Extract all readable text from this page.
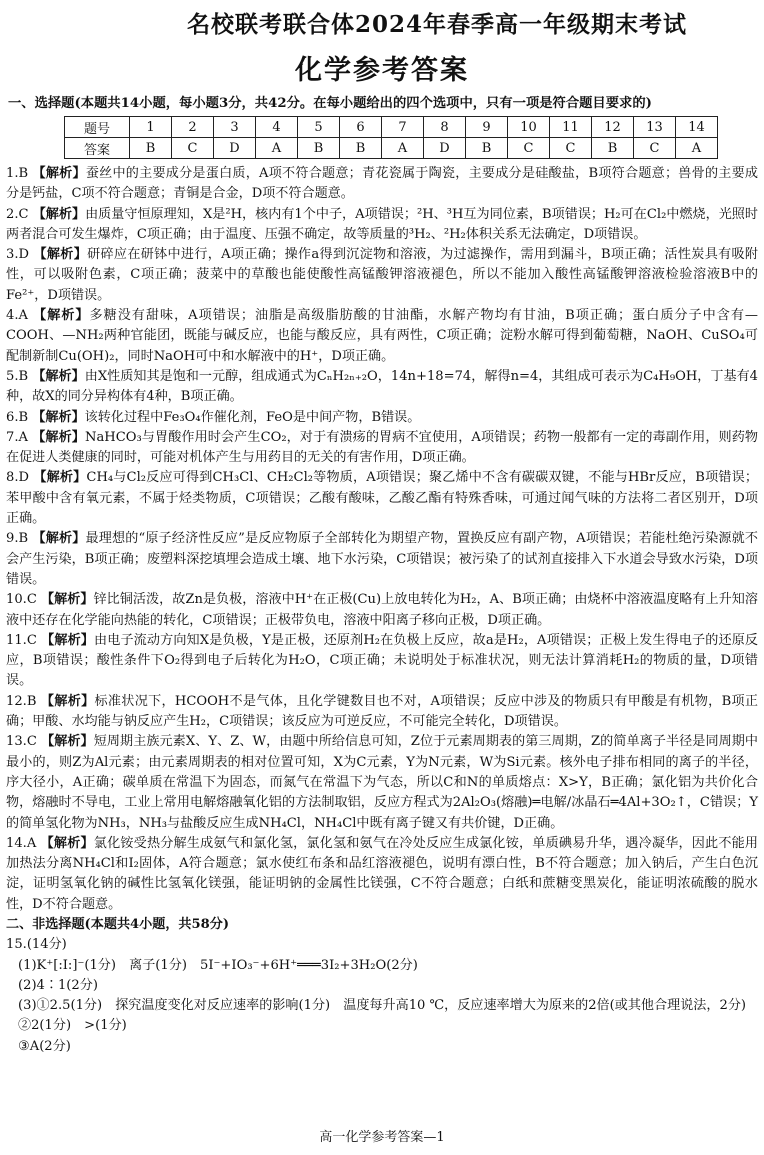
名校联考联合体2024年春季高一年级期末考试
化学参考答案
一、选择题(本题共14小题，每小题3分，共42分。在每小题给出的四个选项中，只有一项是符合题目要求的)
题号	1	2	3	4	5	6	7	8	9	10	11	12	13	14
答案	B	C	D	A	B	B	A	D	B	C	C	B	C	A
1.B 【解析】蚕丝中的主要成分是蛋白质，A项不符合题意；青花瓷属于陶瓷，主要成分是硅酸盐，B项符合题意；兽骨的主要成分是钙盐，C项不符合题意；青铜是合金，D项不符合题意。
2.C 【解析】由质量守恒原理知，X是²H，核内有1个中子，A项错误；²H、³H互为同位素，B项错误；H₂可在Cl₂中燃烧，光照时两者混合可发生爆炸，C项正确；由于温度、压强不确定，故等质量的³H₂、²H₂体积关系无法确定，D项错误。
3.D 【解析】研碎应在研钵中进行，A项正确；操作a得到沉淀物和溶液，为过滤操作，需用到漏斗，B项正确；活性炭具有吸附性，可以吸附色素，C项正确；菠菜中的草酸也能使酸性高锰酸钾溶液褪色，所以不能加入酸性高锰酸钾溶液检验溶液B中的Fe²⁺，D项错误。
4.A 【解析】多糖没有甜味，A项错误；油脂是高级脂肪酸的甘油酯，水解产物均有甘油，B项正确；蛋白质分子中含有—COOH、—NH₂两种官能团，既能与碱反应，也能与酸反应，具有两性，C项正确；淀粉水解可得到葡萄糖，NaOH、CuSO₄可配制新制Cu(OH)₂，同时NaOH可中和水解液中的H⁺，D项正确。
5.B 【解析】由X性质知其是饱和一元醇，组成通式为CₙH₂ₙ₊₂O，14n+18=74，解得n=4，其组成可表示为C₄H₉OH，丁基有4种，故X的同分异构体有4种，B项正确。
6.B 【解析】该转化过程中Fe₃O₄作催化剂，FeO是中间产物，B错误。
7.A 【解析】NaHCO₃与胃酸作用时会产生CO₂，对于有溃疡的胃病不宜使用，A项错误；药物一般都有一定的毒副作用，则药物在促进人类健康的同时，可能对机体产生与用药目的无关的有害作用，D项正确。
8.D 【解析】CH₄与Cl₂反应可得到CH₃Cl、CH₂Cl₂等物质，A项错误；聚乙烯中不含有碳碳双键，不能与HBr反应，B项错误；苯甲酸中含有氧元素，不属于烃类物质，C项错误；乙酸有酸味，乙酸乙酯有特殊香味，可通过闻气味的方法将二者区别开，D项正确。
9.B 【解析】最理想的“原子经济性反应”是反应物原子全部转化为期望产物，置换反应有副产物，A项错误；若能杜绝污染源就不会产生污染，B项正确；废塑料深挖填埋会造成土壤、地下水污染，C项错误；被污染了的试剂直接排入下水道会导致水污染，D项错误。
10.C 【解析】锌比铜活泼，故Zn是负极，溶液中H⁺在正极(Cu)上放电转化为H₂，A、B项正确；由烧杯中溶液温度略有上升知溶液中还存在化学能向热能的转化，C项错误；正极带负电，溶液中阳离子移向正极，D项正确。
11.C 【解析】由电子流动方向知X是负极，Y是正极，还原剂H₂在负极上反应，故a是H₂，A项错误；正极上发生得电子的还原反应，B项错误；酸性条件下O₂得到电子后转化为H₂O，C项正确；未说明处于标准状况，则无法计算消耗H₂的物质的量，D项错误。
12.B 【解析】标准状况下，HCOOH不是气体，且化学键数目也不对，A项错误；反应中涉及的物质只有甲酸是有机物，B项正确；甲酸、水均能与钠反应产生H₂，C项错误；该反应为可逆反应，不可能完全转化，D项错误。
13.C 【解析】短周期主族元素X、Y、Z、W，由题中所给信息可知，Z位于元素周期表的第三周期，Z的简单离子半径是同周期中最小的，则Z为Al元素；由元素周期表的相对位置可知，X为C元素，Y为N元素，W为Si元素。核外电子排布相同的离子的半径，序大径小，A正确；碳单质在常温下为固态，而氮气在常温下为气态，所以C和N的单质熔点：X>Y，B正确；氯化铝为共价化合物，熔融时不导电，工业上常用电解熔融氧化铝的方法制取铝，反应方程式为2Al₂O₃(熔融)═电解/冰晶石═4Al+3O₂↑，C错误；Y的简单氢化物为NH₃，NH₃与盐酸反应生成NH₄Cl，NH₄Cl中既有离子键又有共价键，D正确。
14.A 【解析】氯化铵受热分解生成氨气和氯化氢，氯化氢和氨气在冷处反应生成氯化铵，单质碘易升华，遇冷凝华，因此不能用加热法分离NH₄Cl和I₂固体，A符合题意；氯水使红布条和品红溶液褪色，说明有漂白性，B不符合题意；加入钠后，产生白色沉淀，证明氢氧化钠的碱性比氢氧化镁强，能证明钠的金属性比镁强，C不符合题意；白纸和蔗糖变黑炭化，能证明浓硫酸的脱水性，D不符合题意。
二、非选择题(本题共4小题，共58分)
15.(14分)
(1)K⁺[:I:]⁻(1分)　离子(1分)　5I⁻+IO₃⁻+6H⁺═══3I₂+3H₂O(2分)
(2)4∶1(2分)
(3)①2.5(1分)　探究温度变化对反应速率的影响(1分)　温度每升高10 ℃，反应速率增大为原来的2倍(或其他合理说法，2分)
②2(1分)　>(1分)
③A(2分)
高一化学参考答案—1
